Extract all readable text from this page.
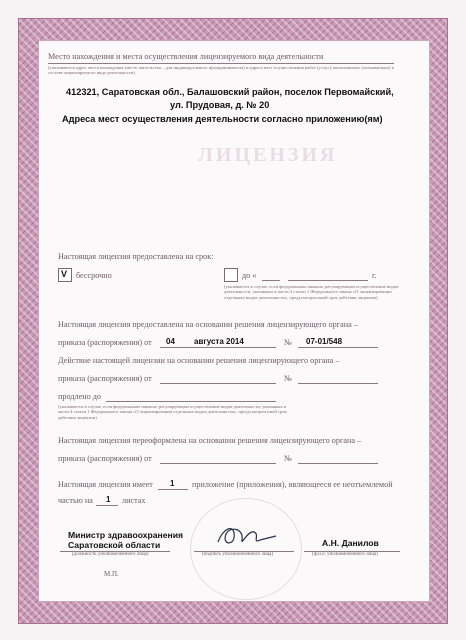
Место нахождения и места осуществления лицензируемого вида деятельности
(указываются адрес места нахождения (место жительства – для индивидуального предпринимателя) и адреса мест осуществления работ (услуг), выполняемых (оказываемых) в составе лицензируемого вида деятельности)
412321, Саратовская обл., Балашовский район, поселок Первомайский,
ул. Прудовая, д. № 20
Адреса мест осуществления деятельности согласно приложению(ям)
ЛИЦЕНЗИЯ
Настоящая лицензия предоставлена на срок:
V бессрочно	до «	г.
(указывается в случае, если федеральным законом, регулирующим осуществление видов деятельности, указанных в части 4 статьи 1 Федерального закона «О лицензировании отдельных видов деятельности», предусмотрен иной срок действия лицензии)
Настоящая лицензия предоставлена на основании решения лицензирующего органа –
приказа (распоряжения) от 04 августа 2014	№ 07-01/548
Действие настоящей лицензии на основании решения лицензирующего органа –
приказа (распоряжения) от	№
продлено до
(указывается в случае, если федеральным законом, регулирующим осуществление видов деятельности, указанных в части 4 статьи 1 Федерального закона «О лицензировании отдельных видов деятельности», предусмотрен иной срок действия лицензии)
Настоящая лицензия переоформлена на основании решения лицензирующего органа –
приказа (распоряжения) от	№
Настоящая лицензия имеет 1 приложение (приложения), являющееся ее неотъемлемой
частью на 1 листах
Министр здравоохранения
Саратовской области
(должность уполномоченного лица)	(подпись уполномоченного лица)
А.Н. Данилов
(ф.и.о. уполномоченного лица)
М.П.
